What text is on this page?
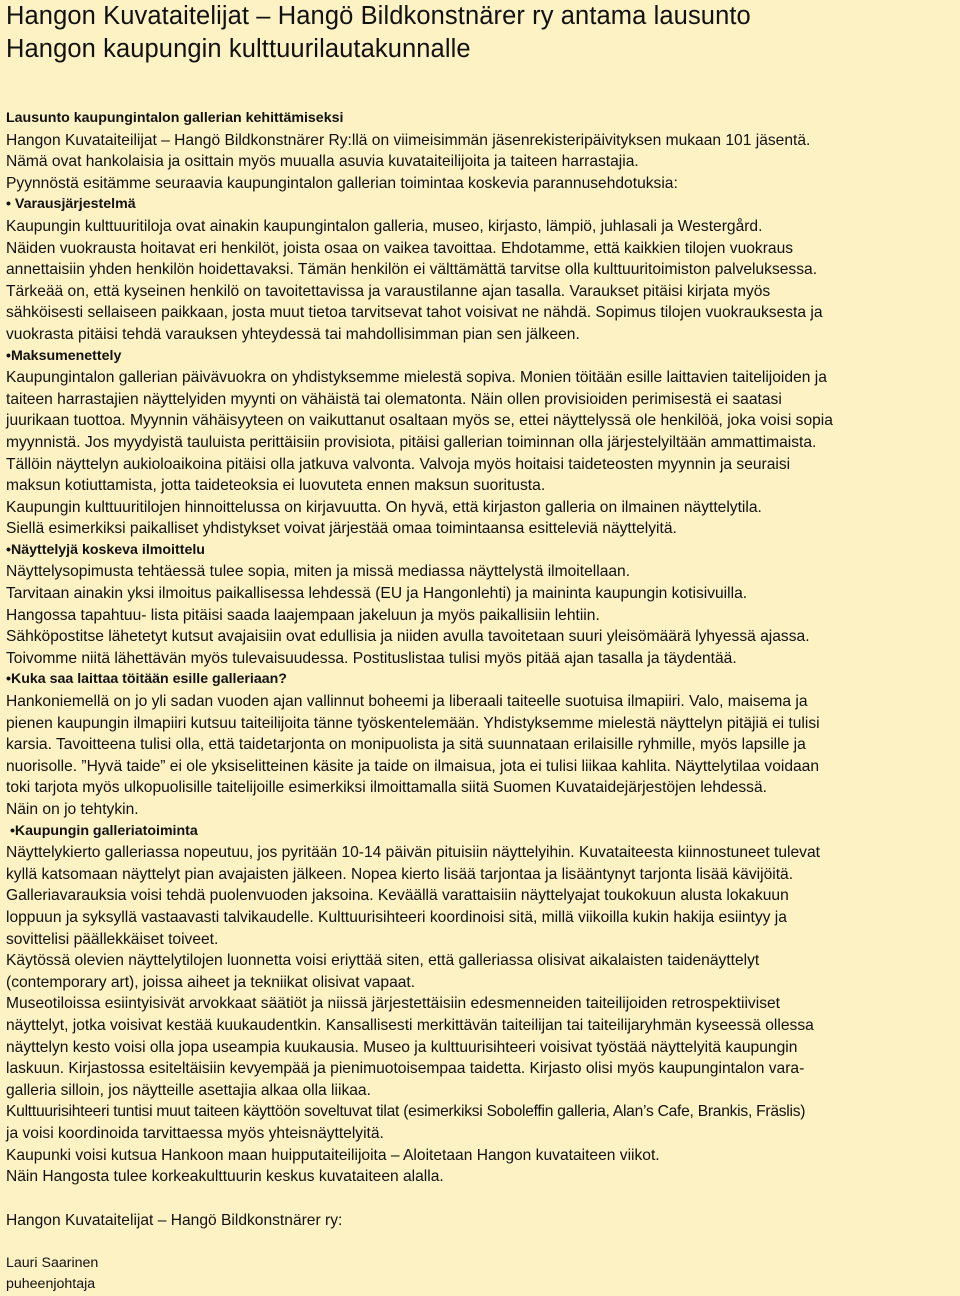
Hangon Kuvataitelijat – Hangö Bildkonstnärer ry antama lausunto
Hangon kaupungin kulttuurilautakunnalle

Lausunto kaupungintalon gallerian kehittämiseksi

Hangon Kuvataiteilijat – Hangö Bildkonstnärer Ry:llä on viimeisimmän jäsenrekisteripäivityksen mukaan 101 jäsentä.
Nämä ovat hankolaisia ja osittain myös muualla asuvia kuvataiteilijoita ja taiteen harrastajia.
Pyynnöstä esitämme seuraavia kaupungintalon gallerian toimintaa koskevia parannusehdotuksia:

• Varausjärjestelmä

Kaupungin kulttuuritiloja ovat ainakin kaupungintalon galleria, museo, kirjasto, lämpiö, juhlasali ja Westergård.
Näiden vuokrausta hoitavat eri henkilöt, joista osaa on vaikea tavoittaa. Ehdotamme, että kaikkien tilojen vuokraus
annettaisiin yhden henkilön hoidettavaksi. Tämän henkilön ei välttämättä tarvitse olla kulttuuritoimiston palveluksessa.
Tärkeää on, että kyseinen henkilö on tavoitettavissa ja varaustilanne ajan tasalla. Varaukset pitäisi kirjata myös
sähköisesti sellaiseen paikkaan, josta muut tietoa tarvitsevat tahot voisivat ne nähdä. Sopimus tilojen vuokrauksesta ja
vuokrasta pitäisi tehdä varauksen yhteydessä tai mahdollisimman pian sen jälkeen.

•Maksumenettely

Kaupungintalon gallerian päivävuokra on yhdistyksemme mielestä sopiva. Monien töitään esille laittavien taitelijoiden ja
taiteen harrastajien näyttelyiden myynti on vähäistä tai olematonta. Näin ollen provisioiden perimisestä ei saatasi
juurikaan tuottoa. Myynnin vähäisyyteen on vaikuttanut osaltaan myös se, ettei näyttelyssä ole henkilöä, joka voisi sopia
myynnistä. Jos myydyistä tauluista perittäisiin provisiota, pitäisi gallerian toiminnan olla järjestelyiltään ammattimaista.
Tällöin näyttelyn aukioloaikoina pitäisi olla jatkuva valvonta. Valvoja myös hoitaisi taideteosten myynnin ja seuraisi
maksun kotiuttamista, jotta taideteoksia ei luovuteta ennen maksun suoritusta.
Kaupungin kulttuuritilojen hinnoittelussa on kirjavuutta. On hyvä, että kirjaston galleria on ilmainen näyttelytila.
Siellä esimerkiksi paikalliset yhdistykset voivat järjestää omaa toimintaansa esitteleviä näyttelyitä.

•Näyttelyjä koskeva ilmoittelu

Näyttelysopimusta tehtäessä tulee sopia, miten ja missä mediassa näyttelystä ilmoitellaan.
Tarvitaan ainakin yksi ilmoitus paikallisessa lehdessä (EU ja Hangonlehti) ja maininta kaupungin kotisivuilla.
Hangossa tapahtuu- lista pitäisi saada laajempaan jakeluun ja myös paikallisiin lehtiin.
Sähköpostitse lähetetyt kutsut avajaisiin ovat edullisia ja niiden avulla tavoitetaan suuri yleisömäärä lyhyessä ajassa.
Toivomme niitä lähettävän myös tulevaisuudessa. Postituslistaa tulisi myös pitää ajan tasalla ja täydentää.

•Kuka saa laittaa töitään esille galleriaan?

Hankoniemellä on jo yli sadan vuoden ajan vallinnut boheemi ja liberaali taiteelle suotuisa ilmapiiri. Valo, maisema ja
pienen kaupungin ilmapiiri kutsuu taiteilijoita tänne työskentelemään. Yhdistyksemme mielestä näyttelyn pitäjiä ei tulisi
karsia. Tavoitteena tulisi olla, että taidetarjonta on monipuolista ja sitä suunnataan erilaisille ryhmille, myös lapsille ja
nuorisolle. ”Hyvä taide” ei ole yksiselitteinen käsite ja taide on ilmaisua, jota ei tulisi liikaa kahlita. Näyttelytilaa voidaan
toki tarjota myös ulkopuolisille taitelijoille esimerkiksi ilmoittamalla siitä Suomen Kuvataidejärjestöjen lehdessä.
Näin on jo tehtykin.

•Kaupungin galleriatoiminta

Näyttelykierto galleriassa nopeutuu, jos pyritään 10-14 päivän pituisiin näyttelyihin. Kuvataiteesta kiinnostuneet tulevat
kyllä katsomaan näyttelyt pian avajaisten jälkeen. Nopea kierto lisää tarjontaa ja lisääntynyt tarjonta lisää kävijöitä.
Galleriavarauksia voisi tehdä puolenvuoden jaksoina. Keväällä varattaisiin näyttelyajat toukokuun alusta lokakuun
loppuun ja syksyllä vastaavasti talvikaudelle. Kulttuurisihteeri koordinoisi sitä, millä viikoilla kukin hakija esiintyy ja
sovittelisi päällekkäiset toiveet.
Käytössä olevien näyttelytilojen luonnetta voisi eriyttää siten, että galleriassa olisivat aikalaisten taidenäyttelyt
(contemporary art), joissa aiheet ja tekniikat olisivat vapaat.
Museotiloissa esiintyisivät arvokkaat säätiöt ja niissä järjestettäisiin edesmenneiden taiteilijoiden retrospektiiviset
näyttelyt, jotka voisivat kestää kuukaudentkin. Kansallisesti merkittävän taiteilijan tai taiteilijaryhmän kyseessä ollessa
näyttelyn kesto voisi olla jopa useampia kuukausia. Museo ja kulttuurisihteeri voisivat työstää näyttelyitä kaupungin
laskuun. Kirjastossa esiteltäisiin kevyempää ja pienimuotoisempaa taidetta. Kirjasto olisi myös kaupungintalon vara-
galleria silloin, jos näytteille asettajia alkaa olla liikaa.
Kulttuurisihteeri tuntisi muut taiteen käyttöön soveltuvat tilat (esimerkiksi Soboleffin galleria, Alan’s Cafe, Brankis, Fräslis)
ja voisi koordinoida tarvittaessa myös yhteisnäyttelyitä.
Kaupunki voisi kutsua Hankoon maan huipputaiteilijoita – Aloitetaan Hangon kuvataiteen viikot.
Näin Hangosta tulee korkeakulttuurin keskus kuvataiteen alalla.

Hangon Kuvataitelijat – Hangö Bildkonstnärer ry:

Lauri Saarinen
puheenjohtaja
